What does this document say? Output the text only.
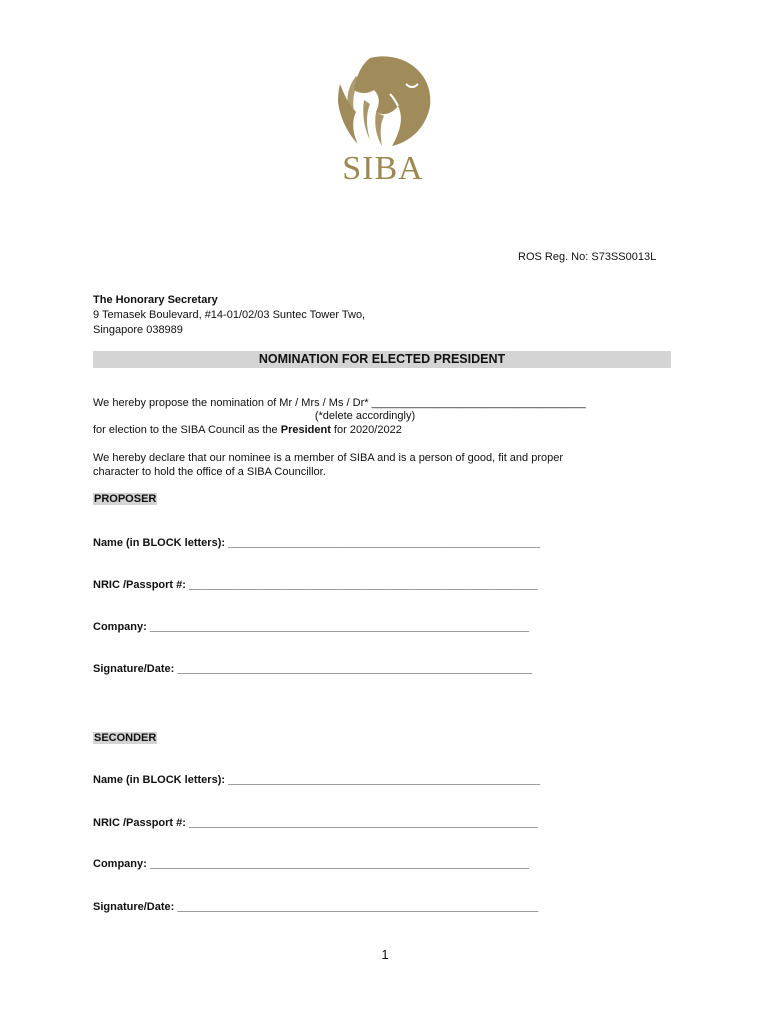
SIBA
ROS Reg. No: S73SS0013L
The Honorary Secretary
9 Temasek Boulevard, #14-01/02/03 Suntec Tower Two,
Singapore 038989
NOMINATION FOR ELECTED PRESIDENT
We hereby propose the nomination of Mr / Mrs / Ms / Dr* ___________________________________
(*delete accordingly)
for election to the SIBA Council as the President for 2020/2022
We hereby declare that our nominee is a member of SIBA and is a person of good, fit and proper
character to hold the office of a SIBA Councillor.
PROPOSER
Name (in BLOCK letters): ___________________________________________________
NRIC /Passport #: _________________________________________________________
Company: ______________________________________________________________
Signature/Date: __________________________________________________________
SECONDER
Name (in BLOCK letters): ___________________________________________________
NRIC /Passport #: _________________________________________________________
Company: ______________________________________________________________
Signature/Date: ___________________________________________________________
1
